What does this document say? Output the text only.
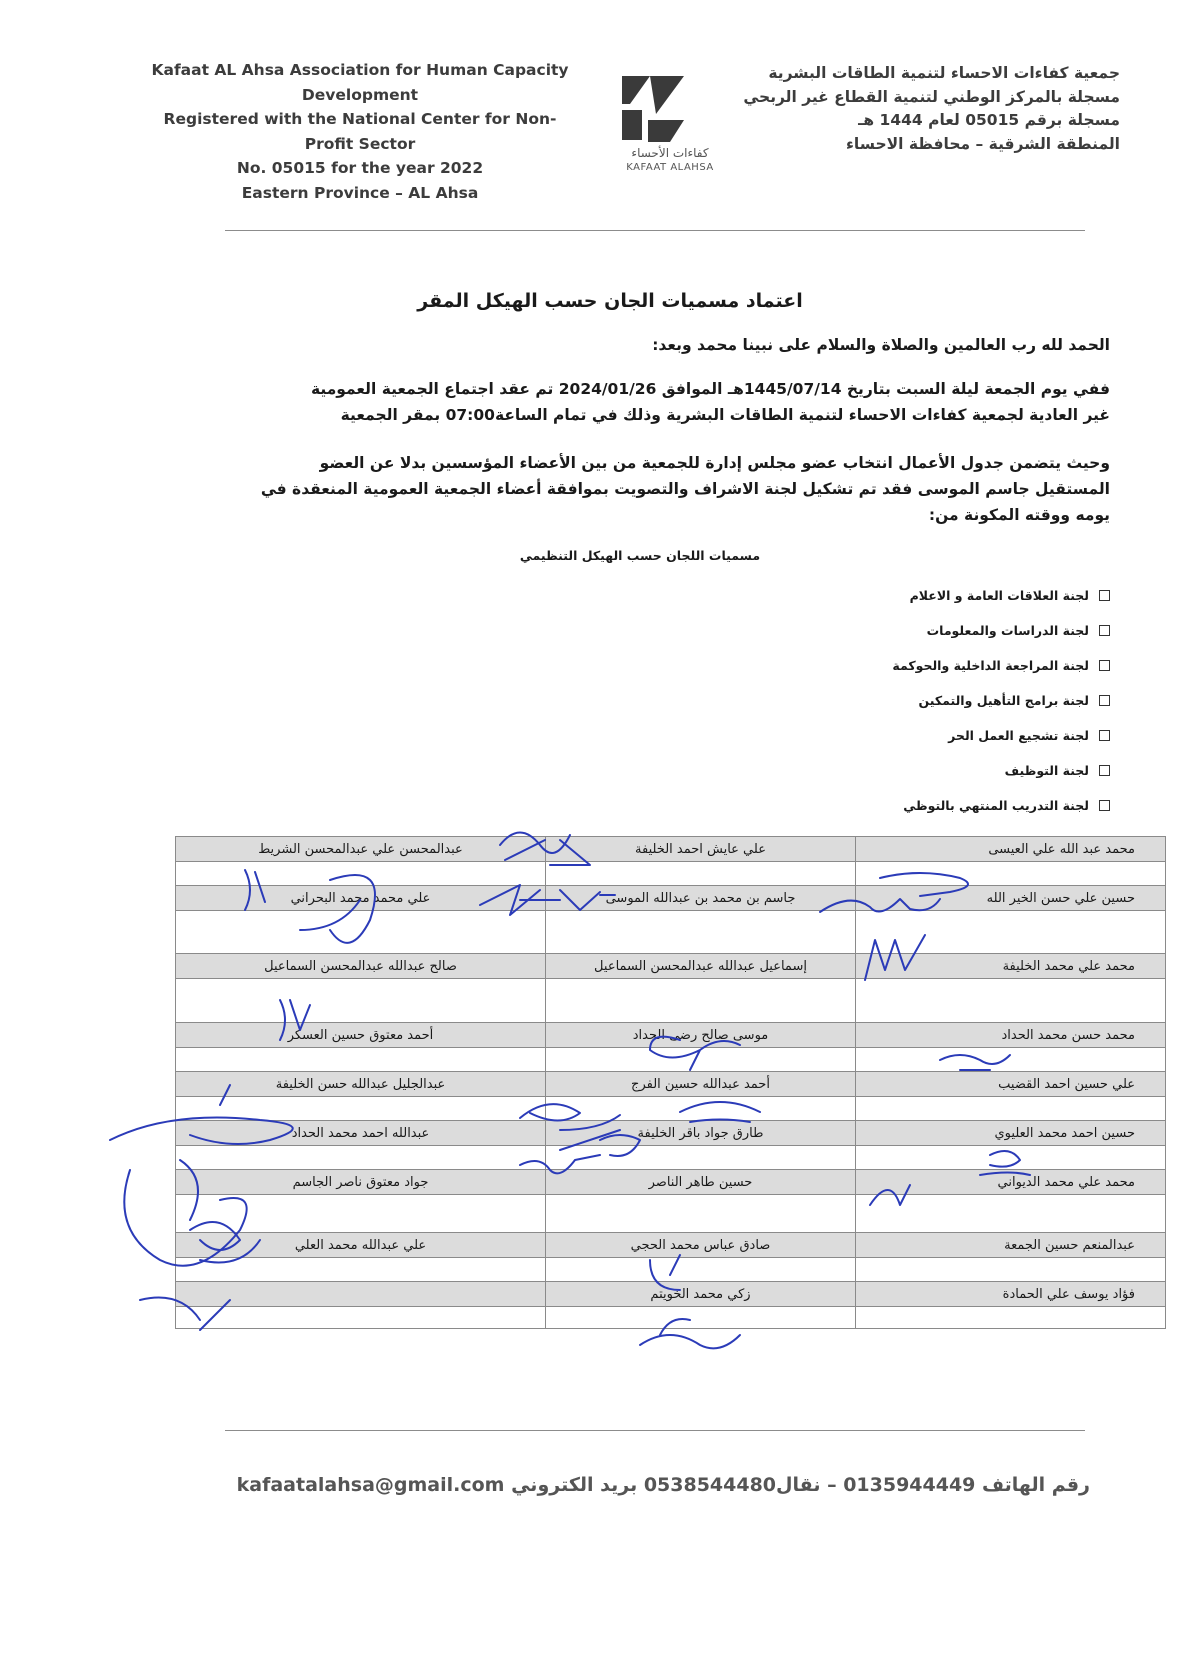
Kafaat AL Ahsa Association for Human Capacity
Development
Registered with the National Center for Non-
Profit Sector
No. 05015 for the year 2022
Eastern Province – AL Ahsa
كفاءات الأحساء
KAFAAT ALAHSA
جمعية كفاءات الاحساء لتنمية الطاقات البشرية
مسجلة بالمركز الوطني لتنمية القطاع غير الربحي
مسجلة برقم 05015 لعام 1444 هـ
المنطقة الشرقية – محافظة الاحساء
اعتماد مسميات الجان حسب الهيكل المقر
الحمد لله رب العالمين والصلاة والسلام على نبينا محمد وبعد:
ففي يوم الجمعة ليلة السبت بتاريخ 1445/07/14هـ الموافق 2024/01/26 تم عقد اجتماع الجمعية العمومية
غير العادية لجمعية كفاءات الاحساء لتنمية الطاقات البشرية وذلك في تمام الساعة07:00 بمقر الجمعية
وحيث يتضمن جدول الأعمال انتخاب عضو مجلس إدارة للجمعية من بين الأعضاء المؤسسين بدلا عن العضو
المستقيل جاسم الموسى فقد تم تشكيل لجنة الاشراف والتصويت بموافقة أعضاء الجمعية العمومية المنعقدة في
يومه ووقته المكونة من:
مسميات اللجان حسب الهيكل التنظيمي
لجنة العلاقات العامة و الاعلام
لجنة الدراسات والمعلومات
لجنة المراجعة الداخلية والحوكمة
لجنة برامج التأهيل والتمكين
لجنة تشجيع العمل الحر
لجنة التوظيف
لجنة التدريب المنتهي بالتوظي
محمد عبد الله علي العيسى	علي عايش احمد الخليفة	عبدالمحسن علي عبدالمحسن الشريط

حسين علي حسن الخير الله	جاسم بن محمد بن عبدالله الموسى	علي محمد محمد البحراني

محمد علي محمد الخليفة	إسماعيل عبدالله عبدالمحسن السماعيل	صالح عبدالله عبدالمحسن السماعيل

محمد حسن محمد الحداد	موسى صالح رضى الحداد	أحمد معتوق حسين العسكر

علي حسين احمد القضيب	أحمد عبدالله حسين الفرج	عبدالجليل عبدالله حسن الخليفة

حسين احمد محمد العليوي	طارق جواد باقر الخليفة	عبدالله احمد محمد الحداد

محمد علي محمد الديواني	حسين طاهر الناصر	جواد معتوق ناصر الجاسم

عبدالمنعم حسين الجمعة	صادق عباس محمد الحجي	علي عبدالله محمد العلي

فؤاد يوسف علي الحمادة	زكي محمد الخويتم	

رقم الهاتف 0135944449 – نقال0538544480 بريد الكتروني kafaatalahsa@gmail.com
